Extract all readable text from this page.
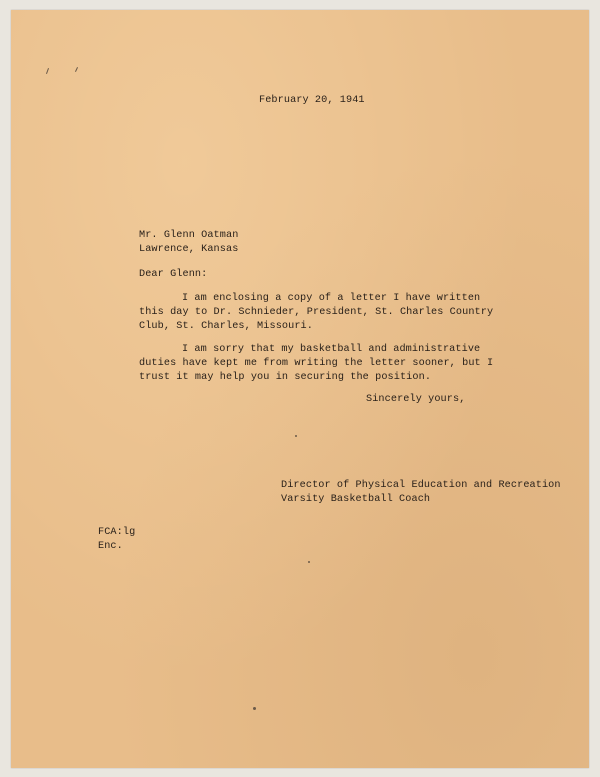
February 20, 1941
Mr. Glenn Oatman
Lawrence, Kansas
Dear Glenn:
I am enclosing a copy of a letter I have written
this day to Dr. Schnieder, President, St. Charles Country
Club, St. Charles, Missouri.
I am sorry that my basketball and administrative
duties have kept me from writing the letter sooner, but I
trust it may help you in securing the position.
Sincerely yours,
Director of Physical Education and Recreation
Varsity Basketball Coach
FCA:lg
Enc.
